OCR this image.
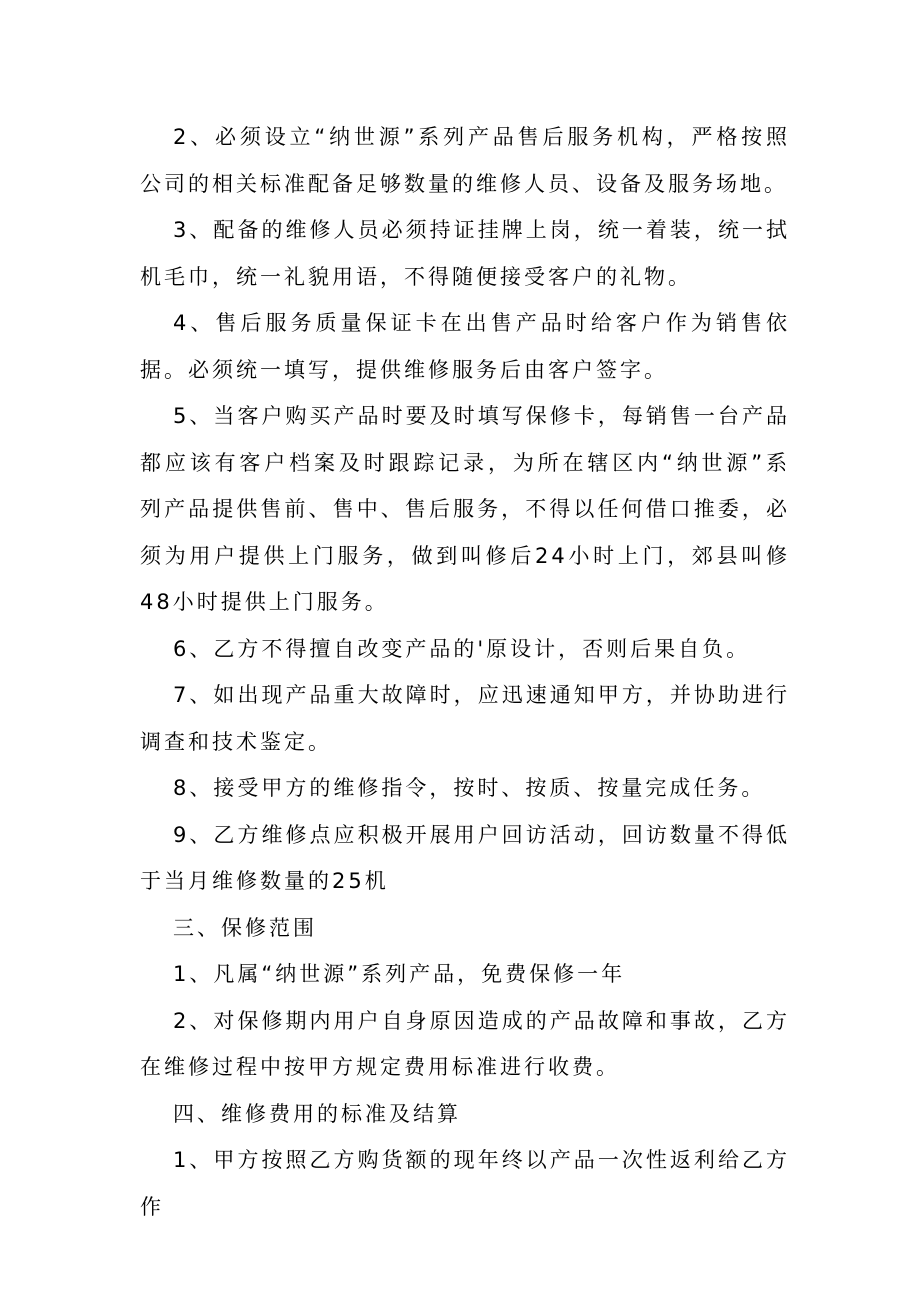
2、必须设立“纳世源”系列产品售后服务机构，严格按照公司的相关标准配备足够数量的维修人员、设备及服务场地。

3、配备的维修人员必须持证挂牌上岗，统一着装，统一拭机毛巾，统一礼貌用语，不得随便接受客户的礼物。

4、售后服务质量保证卡在出售产品时给客户作为销售依据。必须统一填写，提供维修服务后由客户签字。

5、当客户购买产品时要及时填写保修卡，每销售一台产品都应该有客户档案及时跟踪记录，为所在辖区内“纳世源”系列产品提供售前、售中、售后服务，不得以任何借口推委，必须为用户提供上门服务，做到叫修后24小时上门，郊县叫修48小时提供上门服务。

6、乙方不得擅自改变产品的'原设计，否则后果自负。

7、如出现产品重大故障时，应迅速通知甲方，并协助进行调查和技术鉴定。

8、接受甲方的维修指令，按时、按质、按量完成任务。

9、乙方维修点应积极开展用户回访活动，回访数量不得低于当月维修数量的25机

三、保修范围

1、凡属“纳世源”系列产品，免费保修一年

2、对保修期内用户自身原因造成的产品故障和事故，乙方在维修过程中按甲方规定费用标准进行收费。

四、维修费用的标准及结算

1、甲方按照乙方购货额的现年终以产品一次性返利给乙方作
